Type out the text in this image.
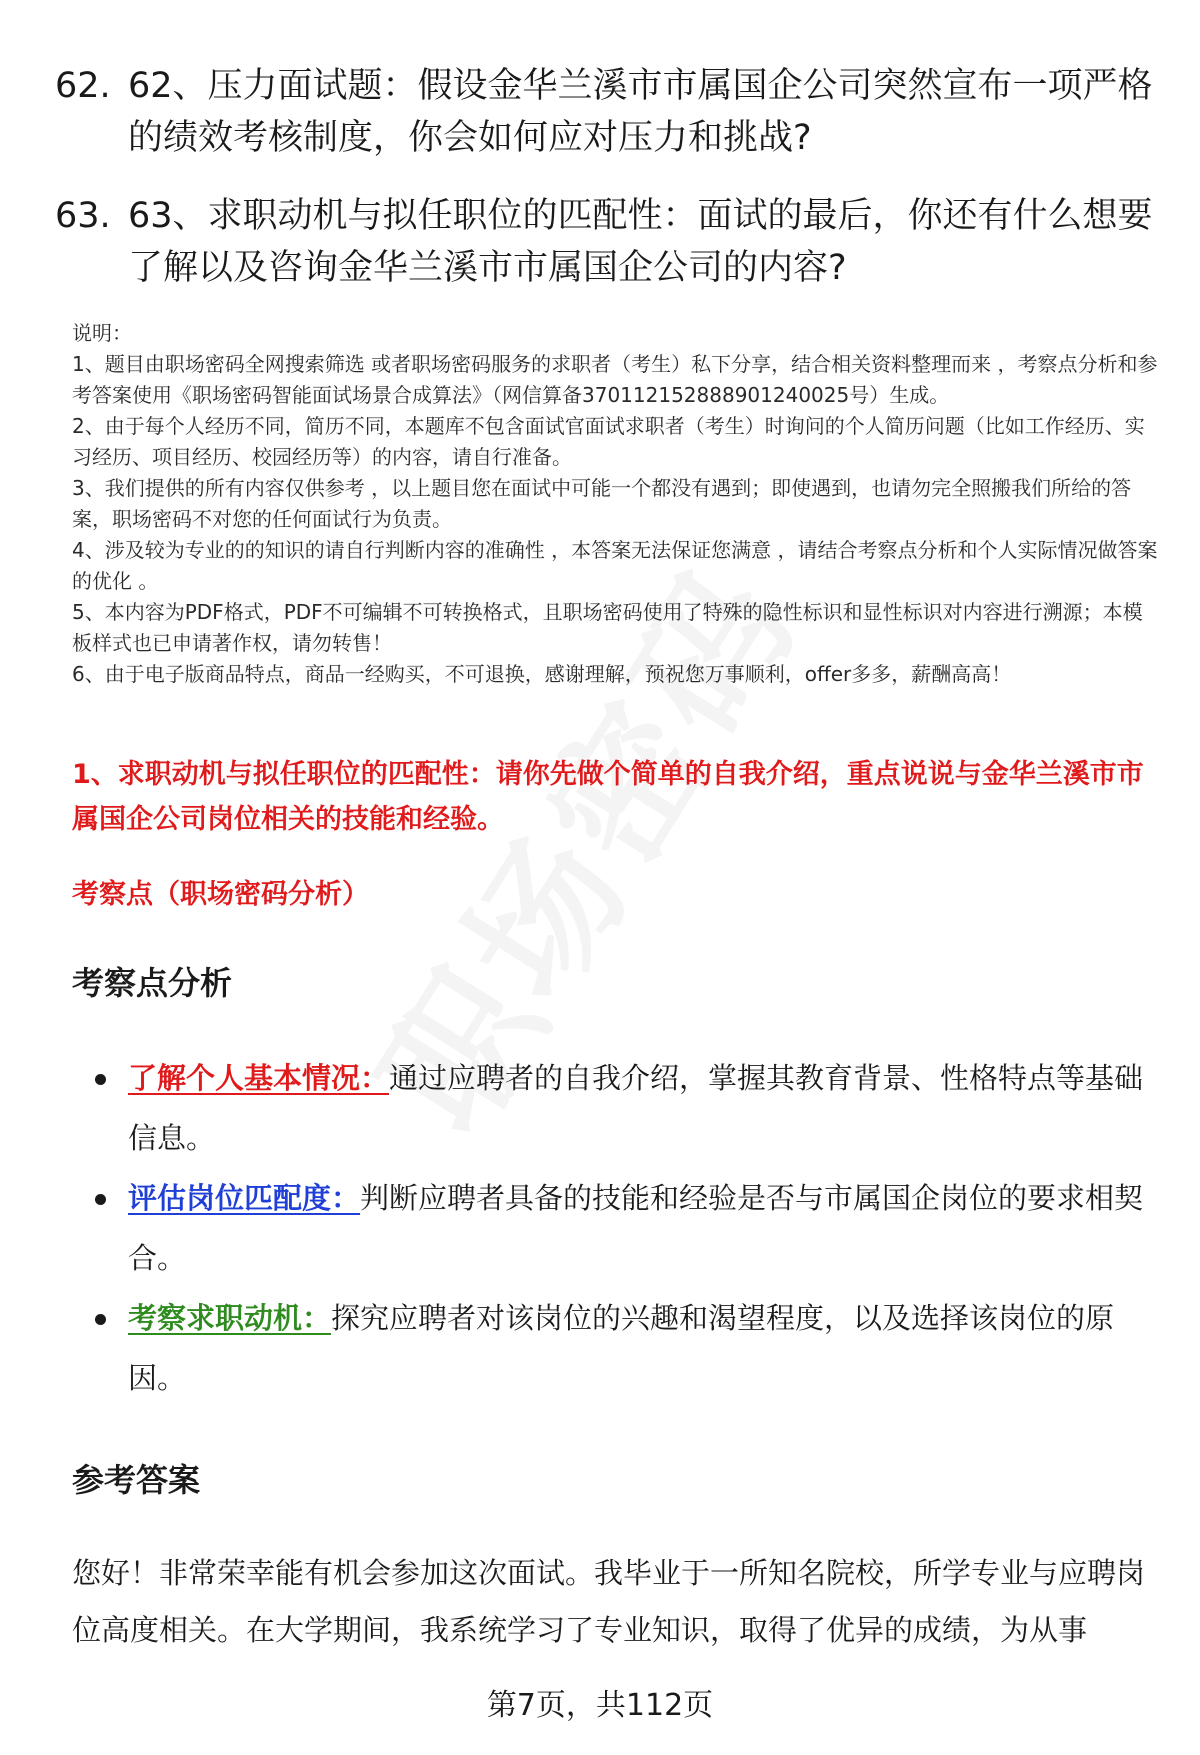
62. 62、压力面试题：假设金华兰溪市市属国企公司突然宣布一项严格的绩效考核制度，你会如何应对压力和挑战?
63. 63、求职动机与拟任职位的匹配性：面试的最后，你还有什么想要了解以及咨询金华兰溪市市属国企公司的内容?
说明：
1、题目由职场密码全网搜索筛选 或者职场密码服务的求职者（考生）私下分享，结合相关资料整理而来 ，考察点分析和参考答案使用《职场密码智能面试场景合成算法》（网信算备370112152888901240025号）生成。
2、由于每个人经历不同，简历不同，本题库不包含面试官面试求职者（考生）时询问的个人简历问题（比如工作经历、实习经历、项目经历、校园经历等）的内容，请自行准备。
3、我们提供的所有内容仅供参考 ，以上题目您在面试中可能一个都没有遇到；即使遇到，也请勿完全照搬我们所给的答案，职场密码不对您的任何面试行为负责。
4、涉及较为专业的的知识的请自行判断内容的准确性 ，本答案无法保证您满意 ，请结合考察点分析和个人实际情况做答案的优化 。
5、本内容为PDF格式，PDF不可编辑不可转换格式，且职场密码使用了特殊的隐性标识和显性标识对内容进行溯源；本模板样式也已申请著作权，请勿转售！
6、由于电子版商品特点，商品一经购买，不可退换，感谢理解，预祝您万事顺利，offer多多，薪酬高高！
1、求职动机与拟任职位的匹配性：请你先做个简单的自我介绍，重点说说与金华兰溪市市属国企公司岗位相关的技能和经验。
考察点（职场密码分析）
考察点分析
了解个人基本情况：通过应聘者的自我介绍，掌握其教育背景、性格特点等基础信息。
评估岗位匹配度：判断应聘者具备的技能和经验是否与市属国企岗位的要求相契合。
考察求职动机：探究应聘者对该岗位的兴趣和渴望程度，以及选择该岗位的原因。
参考答案
您好！非常荣幸能有机会参加这次面试。我毕业于一所知名院校，所学专业与应聘岗位高度相关。在大学期间，我系统学习了专业知识，取得了优异的成绩，为从事
第7页，共112页
